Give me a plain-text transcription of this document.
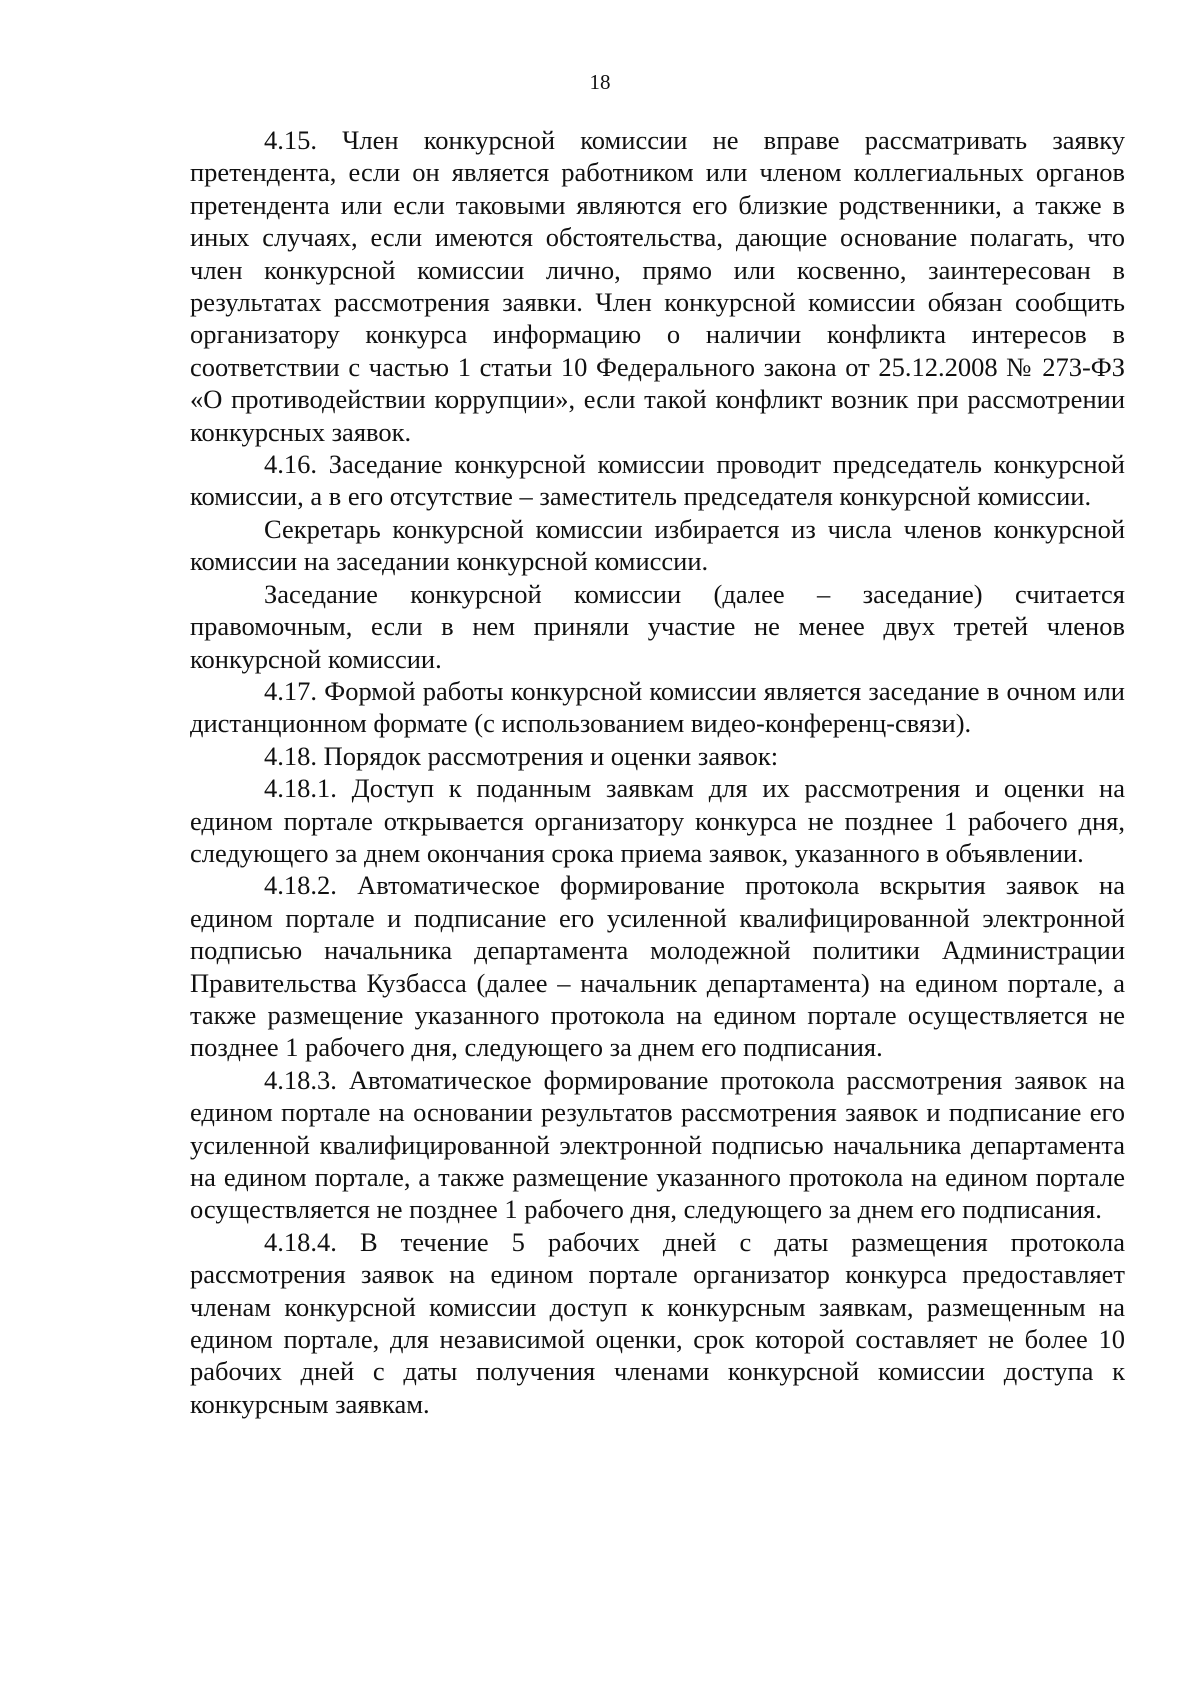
18

4.15. Член конкурсной комиссии не вправе рассматривать заявку претендента, если он является работником или членом коллегиальных органов претендента или если таковыми являются его близкие родственники, а также в иных случаях, если имеются обстоятельства, дающие основание полагать, что член конкурсной комиссии лично, прямо или косвенно, заинтересован в результатах рассмотрения заявки. Член конкурсной комиссии обязан сообщить организатору конкурса информацию о наличии конфликта интересов в соответствии с частью 1 статьи 10 Федерального закона от 25.12.2008 № 273-ФЗ «О противодействии коррупции», если такой конфликт возник при рассмотрении конкурсных заявок.

4.16. Заседание конкурсной комиссии проводит председатель конкурсной комиссии, а в его отсутствие – заместитель председателя конкурсной комиссии.

Секретарь конкурсной комиссии избирается из числа членов конкурсной комиссии на заседании конкурсной комиссии.

Заседание конкурсной комиссии (далее – заседание) считается правомочным, если в нем приняли участие не менее двух третей членов конкурсной комиссии.

4.17. Формой работы конкурсной комиссии является заседание в очном или дистанционном формате (с использованием видео-конференц-связи).

4.18. Порядок рассмотрения и оценки заявок:

4.18.1. Доступ к поданным заявкам для их рассмотрения и оценки на едином портале открывается организатору конкурса не позднее 1 рабочего дня, следующего за днем окончания срока приема заявок, указанного в объявлении.

4.18.2. Автоматическое формирование протокола вскрытия заявок на едином портале и подписание его усиленной квалифицированной электронной подписью начальника департамента молодежной политики Администрации Правительства Кузбасса (далее – начальник департамента) на едином портале, а также размещение указанного протокола на едином портале осуществляется не позднее 1 рабочего дня, следующего за днем его подписания.

4.18.3. Автоматическое формирование протокола рассмотрения заявок на едином портале на основании результатов рассмотрения заявок и подписание его усиленной квалифицированной электронной подписью начальника департамента на едином портале, а также размещение указанного протокола на едином портале осуществляется не позднее 1 рабочего дня, следующего за днем его подписания.

4.18.4. В течение 5 рабочих дней с даты размещения протокола рассмотрения заявок на едином портале организатор конкурса предоставляет членам конкурсной комиссии доступ к конкурсным заявкам, размещенным на едином портале, для независимой оценки, срок которой составляет не более 10 рабочих дней с даты получения членами конкурсной комиссии доступа к конкурсным заявкам.
